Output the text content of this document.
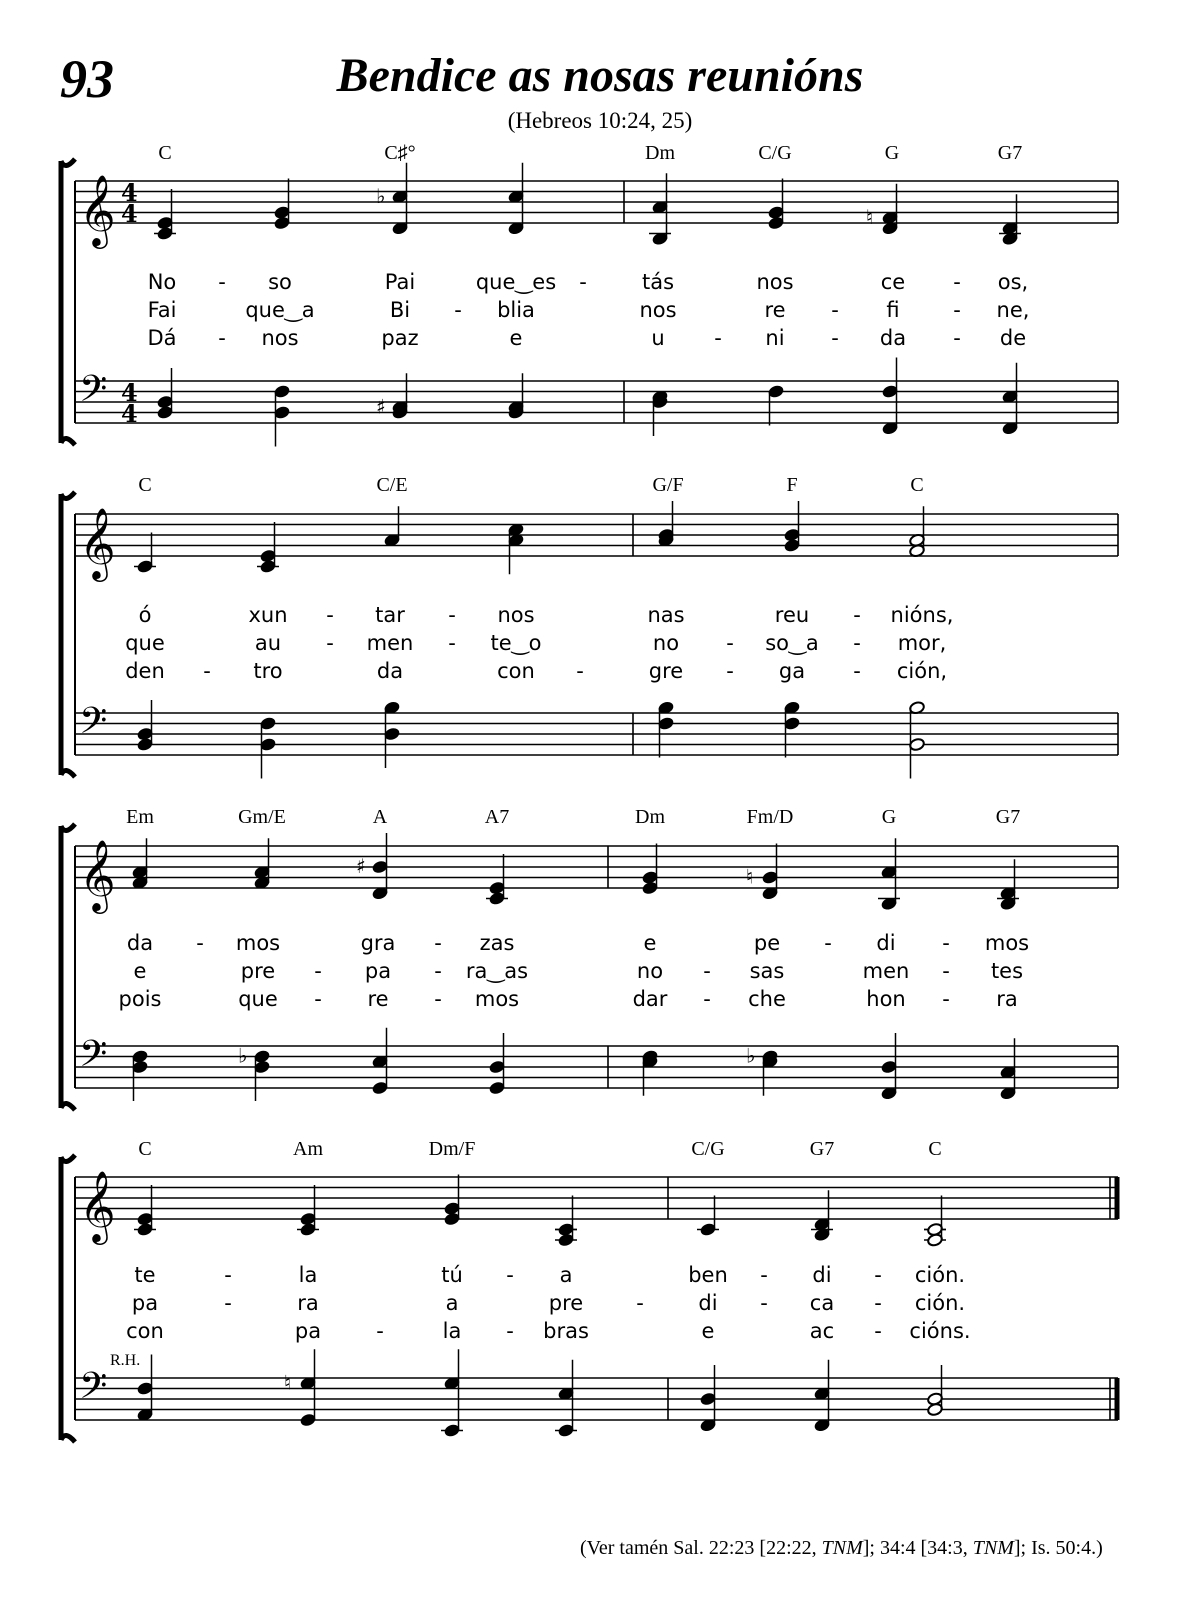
93	Bendice as nosas reunións
(Hebreos 10:24, 25)
𝄞
𝄢
4
4
4
4
♭
♯
♮
𝄞
𝄢
𝄞
𝄢	♭
♯	♮
♭
𝄞
𝄢	♮
C	C♯°	Dm	C/G	G	G7
No - so	Pai	que‿es -	tás	nos	ce - os,
Fai	que‿a	Bi - blia	nos	re - fi	- ne,
Dá - nos	paz	e	u - ni - da - de
C	C/E	G/F	F	C
ó	xun - tar - nos	nas	reu - nións,
que	au - men - te‿o	no - so‿a - mor,
den - tro	da	con -	gre - ga - ción,
Em	Gm/E	A	A7	Dm	Fm/D	G	G7
da - mos	gra - zas	e	pe - di - mos
e	pre - pa - ra‿as	no - sas	men - tes
pois	que - re - mos	dar - che	hon - ra
C	Am	Dm/F	C/G	G7	C
te	-	la	tú - a	ben - di - ción.
pa	-	ra	a	pre	-	di - ca - ción.
con	pa	-	la - bras	e	ac - cións.
R.H.
(Ver tamén Sal. 22:23 [22:22, TNM]; 34:4 [34:3, TNM]; Is. 50:4.)
